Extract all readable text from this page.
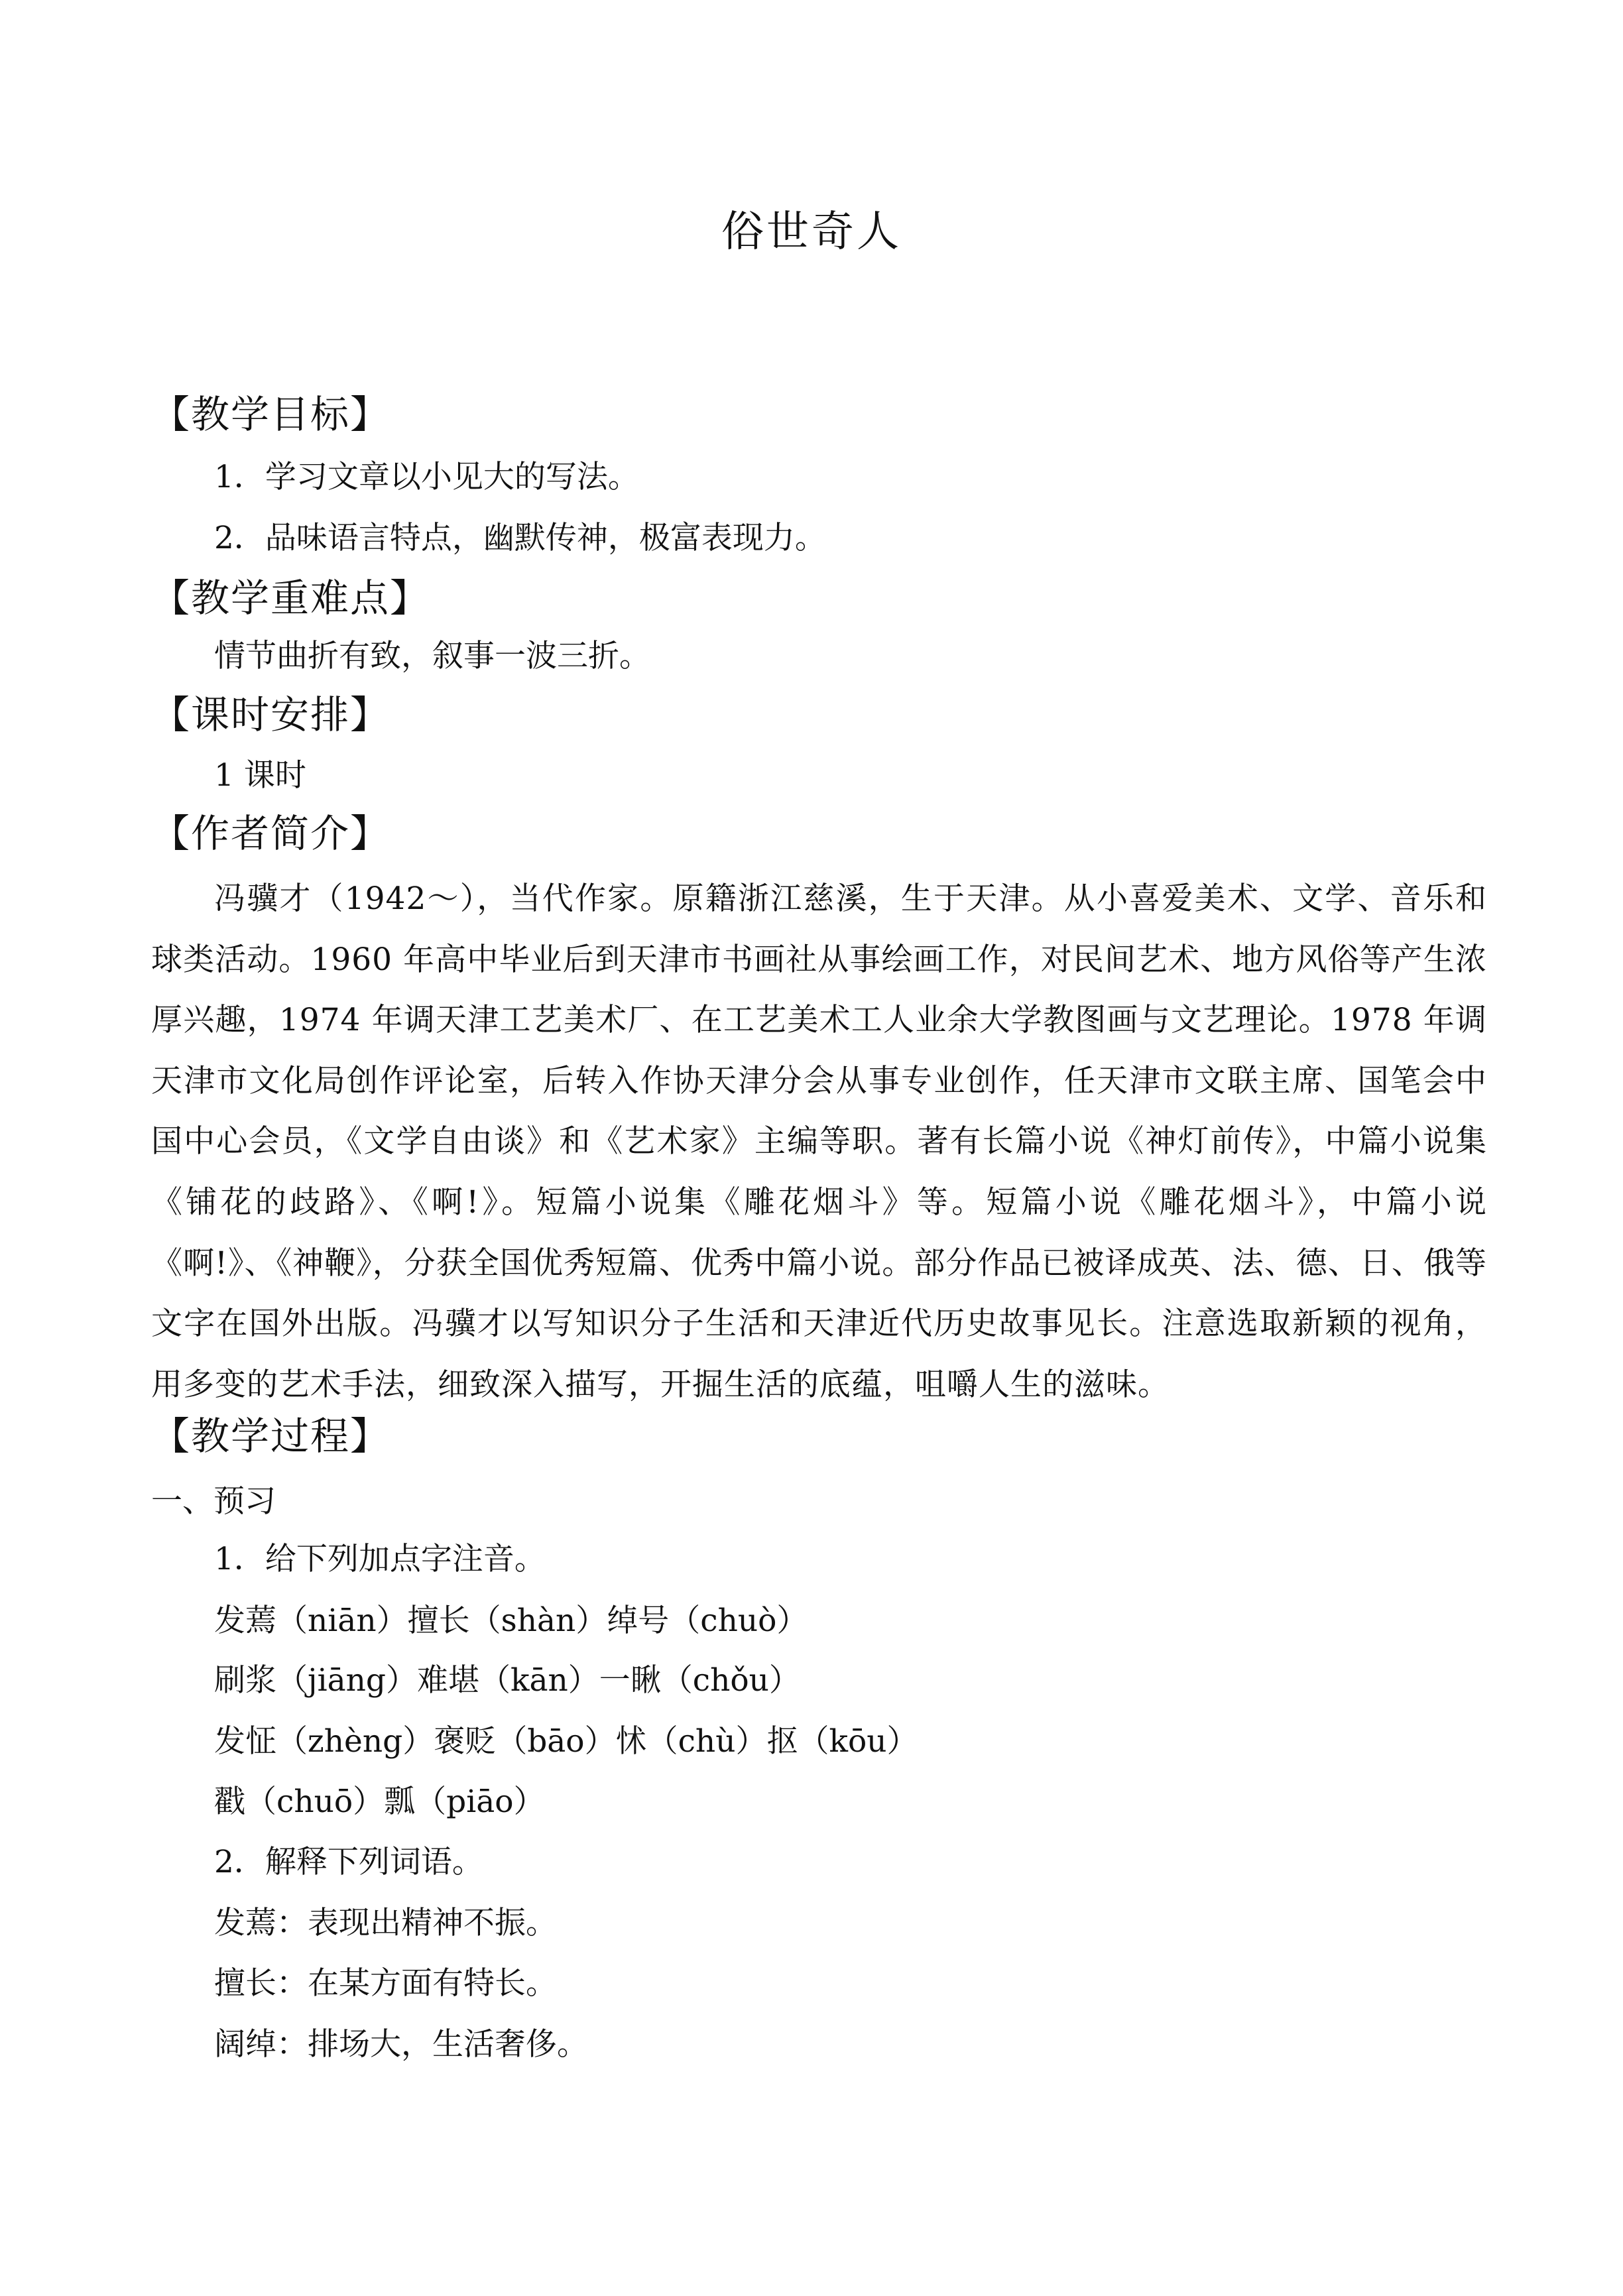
俗世奇人
【教学目标】
1．学习文章以小见大的写法。
2．品味语言特点，幽默传神，极富表现力。
【教学重难点】
情节曲折有致，叙事一波三折。
【课时安排】
1 课时
【作者简介】
冯骥才（1942～），当代作家。原籍浙江慈溪，生于天津。从小喜爱美术、文学、音乐和球类活动。1960 年高中毕业后到天津市书画社从事绘画工作，对民间艺术、地方风俗等产生浓厚兴趣，1974 年调天津工艺美术厂、在工艺美术工人业余大学教图画与文艺理论。1978 年调天津市文化局创作评论室，后转入作协天津分会从事专业创作，任天津市文联主席、国笔会中国中心会员，《文学自由谈》和《艺术家》主编等职。著有长篇小说《神灯前传》，中篇小说集《铺花的歧路》、《啊!》。短篇小说集《雕花烟斗》等。短篇小说《雕花烟斗》，中篇小说《啊!》、《神鞭》，分获全国优秀短篇、优秀中篇小说。部分作品已被译成英、法、德、日、俄等文字在国外出版。冯骥才以写知识分子生活和天津近代历史故事见长。注意选取新颖的视角，用多变的艺术手法，细致深入描写，开掘生活的底蕴，咀嚼人生的滋味。
【教学过程】
一、预习
1．给下列加点字注音。
发蔫（niān）擅长（shàn）绰号（chuò）
刷浆（jiāng）难堪（kān）一瞅（chǒu）
发怔（zhèng）褒贬（bāo）怵（chù）抠（kōu）
戳（chuō）瓢（piāo）
2．解释下列词语。
发蔫：表现出精神不振。
擅长：在某方面有特长。
阔绰：排场大，生活奢侈。
